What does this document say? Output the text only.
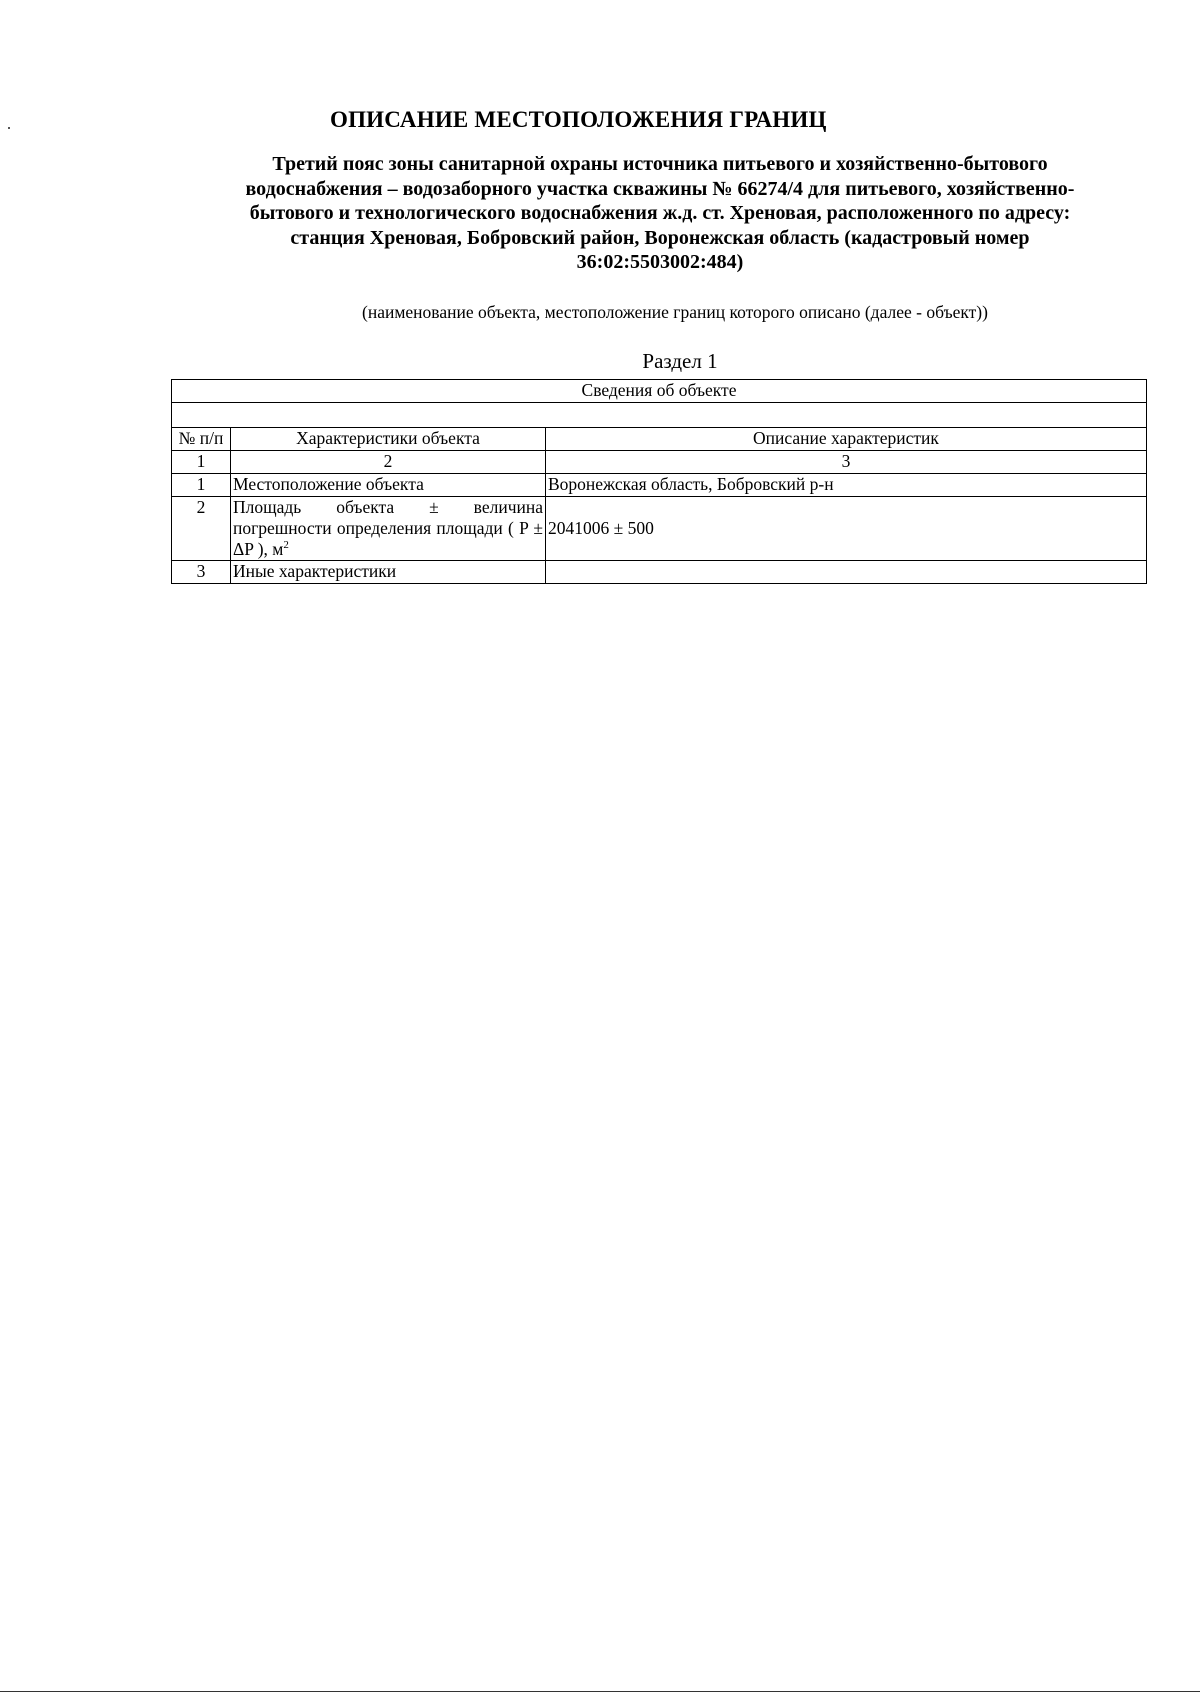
ОПИСАНИЕ МЕСТОПОЛОЖЕНИЯ ГРАНИЦ
Третий пояс зоны санитарной охраны источника питьевого и хозяйственно-бытового
водоснабжения – водозаборного участка скважины № 66274/4 для питьевого, хозяйственно-
бытового и технологического водоснабжения ж.д. ст. Хреновая, расположенного по адресу:
станция Хреновая, Бобровский район, Воронежская область (кадастровый номер
36:02:5503002:484)
(наименование объекта, местоположение границ которого описано (далее - объект))
Раздел 1
Сведения об объекте		

№ п/п	Характеристики объекта	Описание характеристик
1	2	3
1	Местоположение объекта	Воронежская область, Бобровский р-н
2	Площадь объекта ± величина погрешности определения площади ( P ± ΔP ), $м^2$	2041006 ± 500
3	Иные характеристики	
